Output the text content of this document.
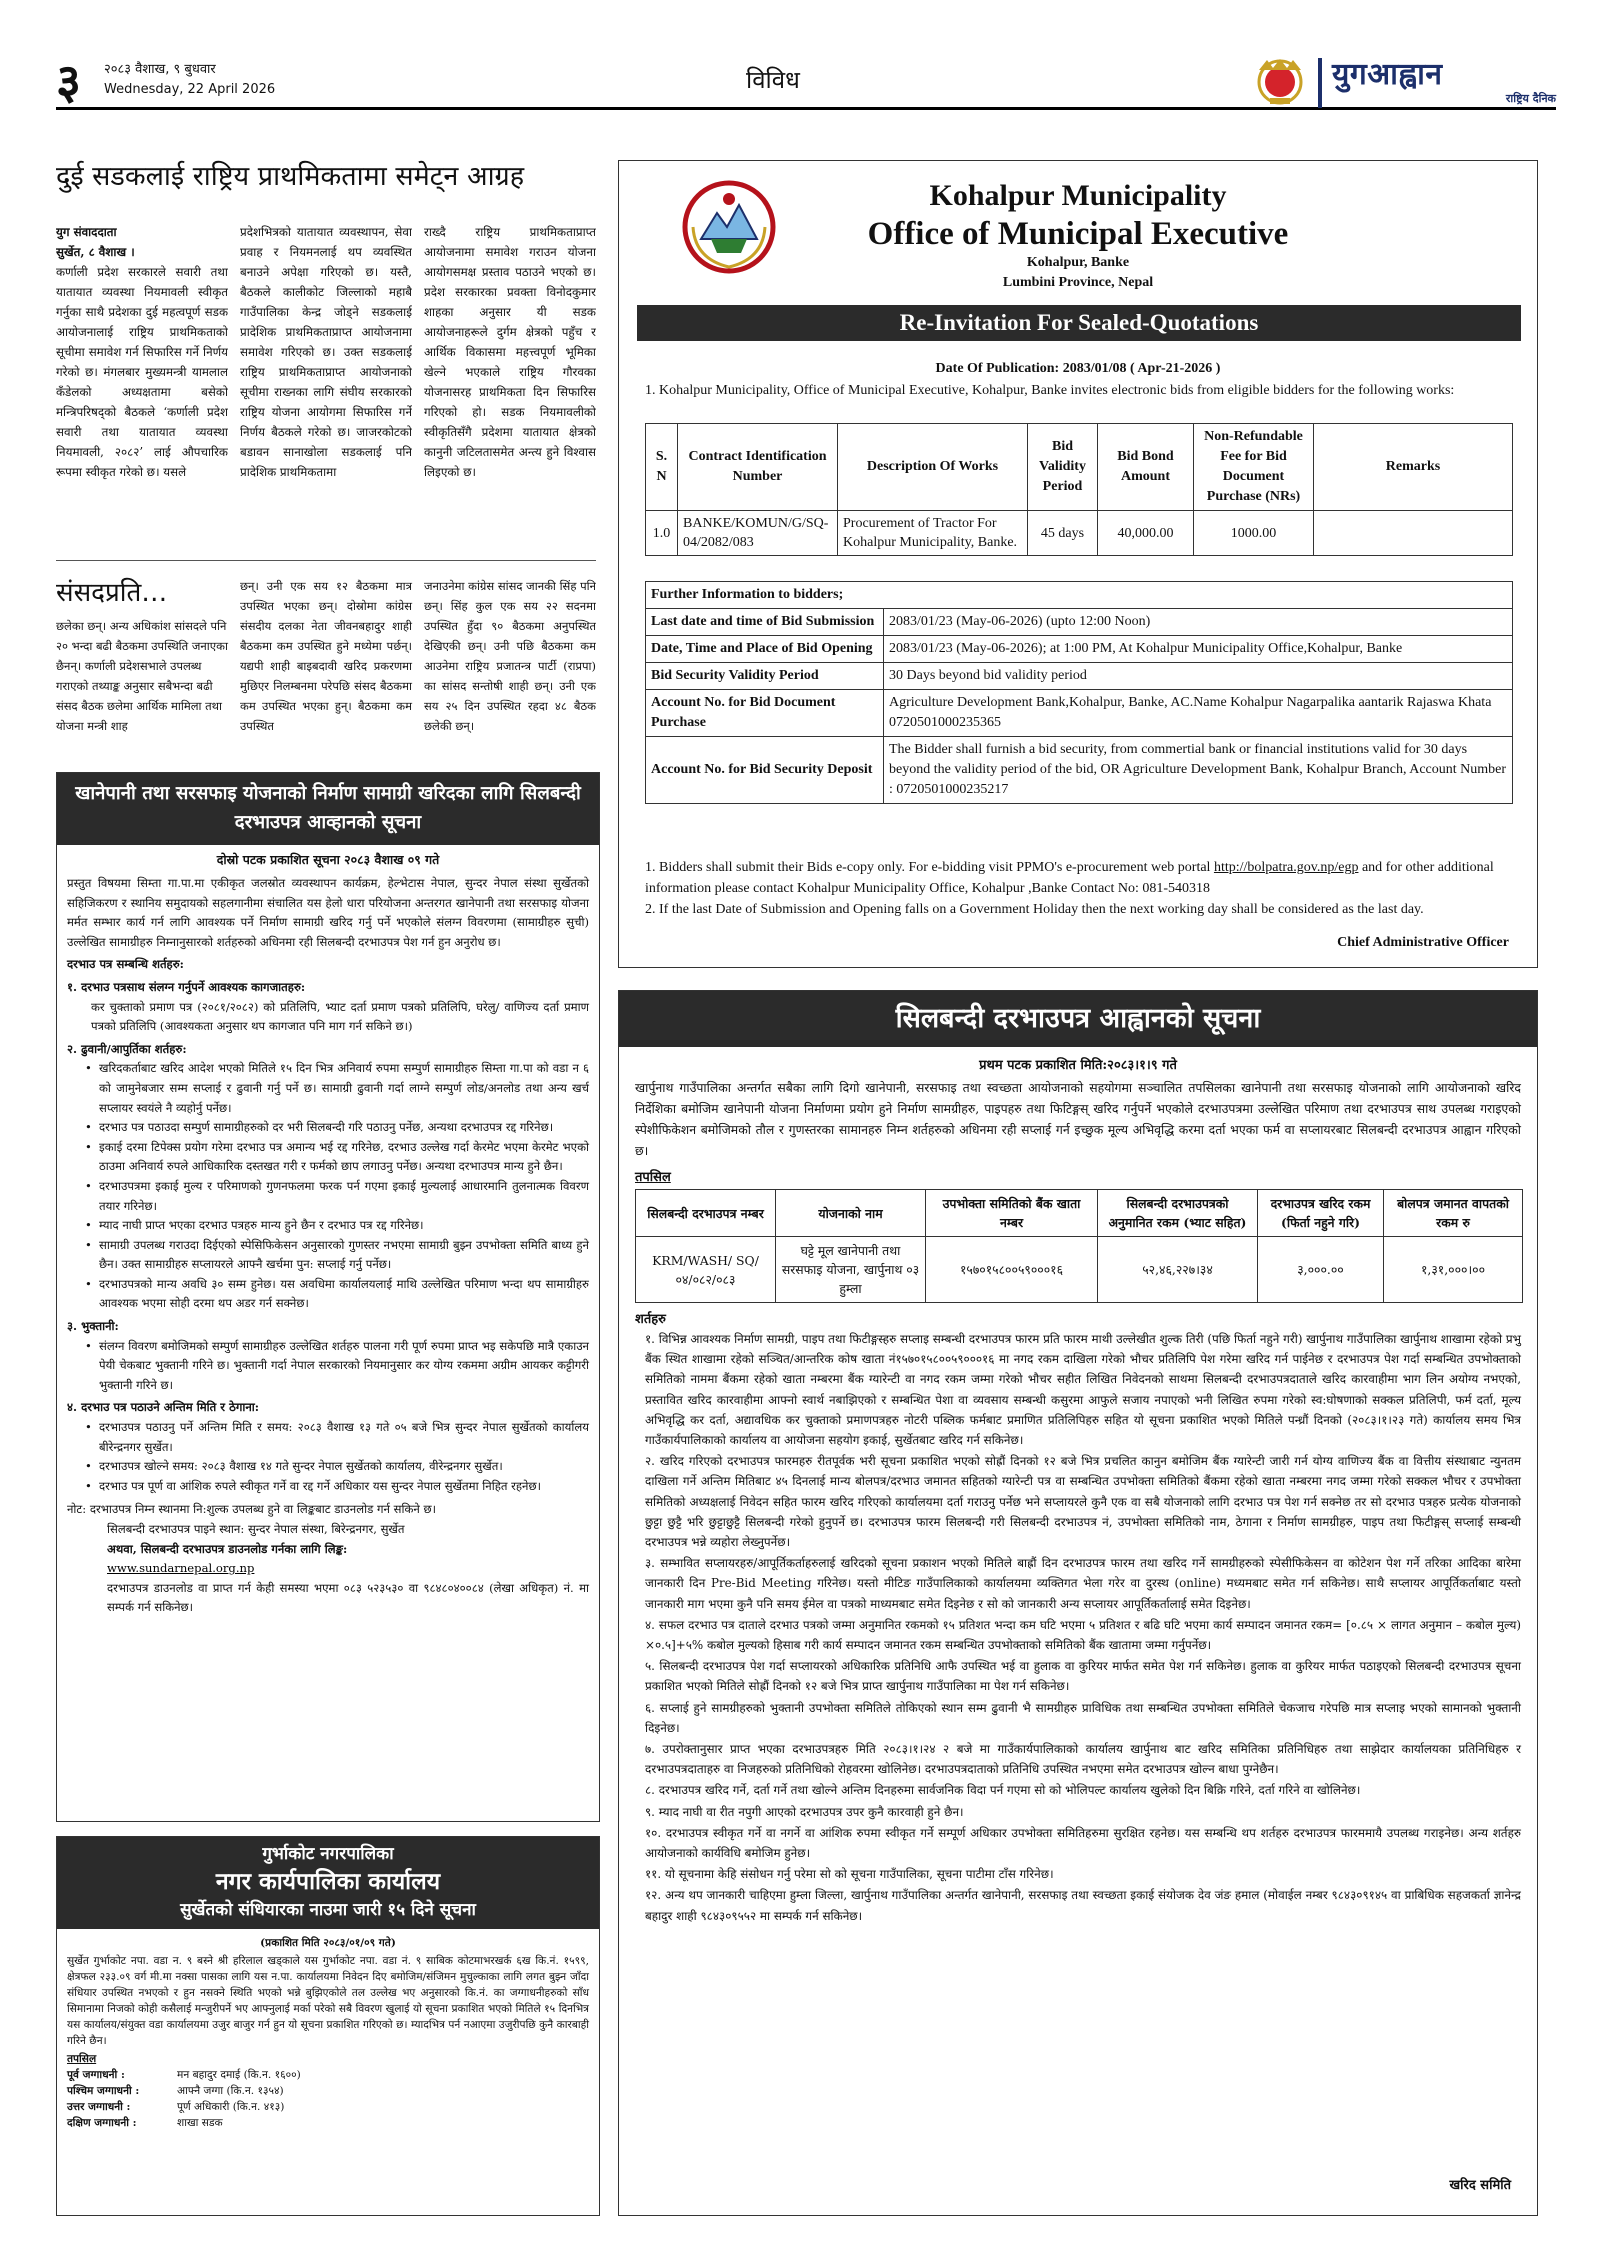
३ २०८३ वैशाख, ९ बुधवार
Wednesday, 22 April 2026	विविध	युगआह्वान
राष्ट्रिय दैनिक
दुई सडकलाई राष्ट्रिय प्राथमिकतामा समेट्न आग्रह
युग संवाददाता
सुर्खेत, ८ वैशाख ।
कर्णाली प्रदेश सरकारले सवारी तथा यातायात व्यवस्था नियमावली स्वीकृत गर्नुका साथै प्रदेशका दुई महत्वपूर्ण सडक आयोजनालाई राष्ट्रिय प्राथमिकताको सूचीमा समावेश गर्न सिफारिस गर्ने निर्णय गरेको छ। मंगलबार मुख्यमन्त्री यामलाल कँडेलको अध्यक्षतामा बसेको मन्त्रिपरिषद्को बैठकले ‘कर्णाली प्रदेश सवारी तथा यातायात व्यवस्था नियमावली, २०८२’ लाई औपचारिक रूपमा स्वीकृत गरेको छ। यसले
प्रदेशभित्रको यातायात व्यवस्थापन, सेवा प्रवाह र नियमनलाई थप व्यवस्थित बनाउने अपेक्षा गरिएको छ। यस्तै, बैठकले कालीकोट जिल्लाको महाबै गाउँपालिका केन्द्र जोड्ने सडकलाई प्रादेशिक प्राथमिकताप्राप्त आयोजनामा समावेश गरिएको छ। उक्त सडकलाई राष्ट्रिय प्राथमिकताप्राप्त आयोजनाको सूचीमा राख्नका लागि संघीय सरकारको राष्ट्रिय योजना आयोगमा सिफारिस गर्ने निर्णय बैठकले गरेको छ। जाजरकोटको बडावन सानाखोला सडकलाई पनि प्रादेशिक प्राथमिकतामा
राख्दै राष्ट्रिय प्राथमिकताप्राप्त आयोजनामा समावेश गराउन योजना आयोगसमक्ष प्रस्ताव पठाउने भएको छ। प्रदेश सरकारका प्रवक्ता विनोदकुमार शाहका अनुसार यी सडक आयोजनाहरूले दुर्गम क्षेत्रको पहुँच र आर्थिक विकासमा महत्त्वपूर्ण भूमिका खेल्ने भएकाले राष्ट्रिय गौरवका योजनासरह प्राथमिकता दिन सिफारिस गरिएको हो। सडक नियमावलीको स्वीकृतिसँगै प्रदेशमा यातायात क्षेत्रको कानुनी जटिलतासमेत अन्त्य हुने विश्वास लिइएको छ।
संसदप्रति…
छलेका छन्। अन्य अधिकांश सांसदले पनि २० भन्दा बढी बैठकमा उपस्थिति जनाएका छैनन्। कर्णाली प्रदेशसभाले उपलब्ध गराएको तथ्याङ्क अनुसार सबैभन्दा बढी संसद बैठक छलेमा आर्थिक मामिला तथा योजना मन्त्री शाह
छन्। उनी एक सय १२ बैठकमा मात्र उपस्थित भएका छन्। दोस्रोमा कांग्रेस संसदीय दलका नेता जीवनबहादुर शाही बैठकमा कम उपस्थित हुने मध्येमा पर्छन्। यद्यपी शाही बाइबदावी खरिद प्रकरणमा मुछिएर निलम्बनमा परेपछि संसद बैठकमा कम उपस्थित भएका हुन्। बैठकमा कम उपस्थित
जनाउनेमा कांग्रेस सांसद जानकी सिंह पनि छन्। सिंह कुल एक सय २२ सदनमा उपस्थित हुँदा ९० बैठकमा अनुपस्थित देखिएकी छन्। उनी पछि बैठकमा कम आउनेमा राष्ट्रिय प्रजातन्त्र पार्टी (राप्रपा) का सांसद सन्तोषी शाही छन्। उनी एक सय २५ दिन उपस्थित रहदा ४८ बैठक छलेकी छन्।
खानेपानी तथा सरसफाइ योजनाको निर्माण सामाग्री खरिदका लागि सिलबन्दी दरभाउपत्र आव्हानको सूचना
दोस्रो पटक प्रकाशित सूचना २०८३ वैशाख ०९ गते

प्रस्तुत विषयमा सिम्ता गा.पा.मा एकीकृत जलस्रोत व्यवस्थापन कार्यक्रम, हेल्भेटास नेपाल, सुन्दर नेपाल संस्था सुर्खेतको सहिजिकरण र स्थानिय समुदायको सहलगानीमा संचालित यस हेलो धारा परियोजना अन्तरगत खानेपानी तथा सरसफाइ योजना मर्मत सम्भार कार्य गर्न लागि आवश्यक पर्ने निर्माण सामाग्री खरिद गर्नु पर्ने भएकोले संलग्न विवरणमा (सामाग्रीहरु सुची) उल्लेखित सामाग्रीहरु निम्नानुसारको शर्तहरुको अधिनमा रही सिलबन्दी दरभाउपत्र पेश गर्न हुन अनुरोध छ।

दरभाउ पत्र सम्बन्धि शर्तहरु:

१. दरभाउ पत्रसाथ संलग्न गर्नुपर्ने आवश्यक कागजातहरु:

कर चुक्ताको प्रमाण पत्र (२०८१/२०८२) को प्रतिलिपि, भ्याट दर्ता प्रमाण पत्रको प्रतिलिपि, घरेलु/ वाणिज्य दर्ता प्रमाण पत्रको प्रतिलिपि (आवश्यकता अनुसार थप कागजात पनि माग गर्न सकिने छ।)

२. ढुवानी/आपुर्तिका शर्तहरु:

• खरिदकर्ताबाट खरिद आदेश भएको मितिले १५ दिन भित्र अनिवार्य रुपमा सम्पुर्ण सामाग्रीहरु सिम्ता गा.पा को वडा न ६ को जामुनेबजार सम्म सप्लाई र ढुवानी गर्नु पर्ने छ। सामाग्री ढुवानी गर्दा लाग्ने सम्पुर्ण लोड/अनलोड तथा अन्य खर्च सप्लायर स्वयंले नै व्यहोर्नु पर्नेछ।
• दरभाउ पत्र पठाउदा सम्पुर्ण सामाग्रीहरुको दर भरी सिलबन्दी गरि पठाउनु पर्नेछ, अन्यथा दरभाउपत्र रद्द गरिनेछ।
• इकाई दरमा टिपेक्स प्रयोग गरेमा दरभाउ पत्र अमान्य भई रद्द गरिनेछ, दरभाउ उल्लेख गर्दा केरमेट भएमा केरमेट भएको ठाउमा अनिवार्य रुपले आधिकारिक दस्तखत गरी र फर्मको छाप लगाउनु पर्नेछ। अन्यथा दरभाउपत्र मान्य हुने छैन।
• दरभाउपत्रमा इकाई मुल्य र परिमाणको गुणनफलमा फरक पर्न गएमा इकाई मुल्यलाई आधारमानि तुलनात्मक विवरण तयार गरिनेछ।
• म्याद नाघी प्राप्त भएका दरभाउ पत्रहरु मान्य हुने छैन र दरभाउ पत्र रद्द गरिनेछ।
• सामाग्री उपलब्ध गराउदा दिईएको स्पेसिफिकेसन अनुसारको गुणस्तर नभएमा सामाग्री बुझ्न उपभोक्ता समिति बाध्य हुने छैन। उक्त सामाग्रीहरु सप्लायरले आफ्नै खर्चमा पुन: सप्लाई गर्नु पर्नेछ।
• दरभाउपत्रको मान्य अवधि ३० सम्म हुनेछ। यस अवधिमा कार्यालयलाई माथि उल्लेखित परिमाण भन्दा थप सामाग्रीहरु आवश्यक भएमा सोही दरमा थप अडर गर्न सक्नेछ।

३. भुक्तानी:

• संलग्न विवरण बमोजिमको सम्पुर्ण सामाग्रीहरु उल्लेखित शर्तहरु पालना गरी पूर्ण रुपमा प्राप्त भइ सकेपछि मात्रै एकाउन पेयी चेकबाट भुक्तानी गरिने छ। भुक्तानी गर्दा नेपाल सरकारको नियमानुसार कर योग्य रकममा अग्रीम आयकर कट्टीगरी भुक्तानी गरिने छ।

४. दरभाउ पत्र पठाउने अन्तिम मिति र ठेगाना:

• दरभाउपत्र पठाउनु पर्ने अन्तिम मिति र समय: २०८३ वैशाख १३ गते ०५ बजे भित्र सुन्दर नेपाल सुर्खेतको कार्यालय बीरेन्द्रनगर सुर्खेत।
• दरभाउपत्र खोल्ने समय: २०८३ वैशाख १४ गते सुन्दर नेपाल सुर्खेतको कार्यालय, वीरेन्द्रनगर सुर्खेत।
• दरभाउ पत्र पूर्ण वा आंशिक रुपले स्वीकृत गर्ने वा रद्द गर्ने अधिकार यस सुन्दर नेपाल सुर्खेतमा निहित रहनेछ।

नोट: दरभाउपत्र निम्न स्थानमा नि:शुल्क उपलब्ध हुने वा लिङ्कबाट डाउनलोड गर्न सकिने छ।

सिलबन्दी दरभाउपत्र पाइने स्थान: सुन्दर नेपाल संस्था, बिरेन्द्रनगर, सुर्खेत

अथवा, सिलबन्दी दरभाउपत्र डाउनलोड गर्नका लागि लिङ्क:

www.sundarnepal.org.np

दरभाउपत्र डाउनलोड वा प्राप्त गर्न केही समस्या भएमा ०८३ ५२३५३० वा ९८४८०४००८४ (लेखा अधिकृत) नं. मा सम्पर्क गर्न सकिनेछ।

गुर्भाकोट नगरपालिका
नगर कार्यपालिका कार्यालय
सुर्खेतको संधियारका नाउमा जारी १५ दिने सूचना
(प्रकाशित मिति २०८३/०१/०९ गते)

सुर्खेत गुर्भाकोट नपा. वडा न. ९ बस्ने श्री हरिलाल खड्काले यस गुर्भाकोट नपा. वडा नं. ९ साबिक कोटमाभरखर्क ६ख कि.नं. १५९९, क्षेत्रफल २३३.०९ वर्ग मी.मा नक्सा पासका लागि यस न.पा. कार्यालयमा निवेदन दिए बमोजिम/संजिमन मुचुल्काका लागि लगत बुझ्न जाँदा संधियार उपस्थित नभएको र हुन नसक्ने स्थिति भएको भन्ने बुझिएकोले तल उल्लेख भए अनुसारको कि.नं. का जग्गाधनीहरुको साँध सिमानामा निजको कोही कसैलाई मन्जुरीपर्ने भए आफ्नुलाई मर्का परेको सबै विवरण खुलाई यो सूचना प्रकाशित भएको मितिले १५ दिनभित्र यस कार्यालय/संयुक्त वडा कार्यालयमा उजुर बाजुर गर्न हुन यो सूचना प्रकाशित गरिएको छ। म्यादभित्र पर्न नआएमा उजुरीपछि कुनै कारबाही गरिने छैन।

तपसिल

पूर्व जग्गाधनी :	मन बहादुर दमाई (कि.न. १६००)
पश्चिम जग्गाधनी :	आफ्नै जग्गा (कि.न. १३५४)
उत्तर जग्गाधनी :	पूर्ण अधिकारी (कि.न. ४१३)
दक्षिण जग्गाधनी :	शाखा सडक
Kohalpur Municipality
Office of Municipal Executive
Kohalpur, Banke
Lumbini Province, Nepal
Re-Invitation For Sealed-Quotations
Date Of Publication: 2083/01/08 ( Apr-21-2026 )
1. Kohalpur Municipality, Office of Municipal Executive, Kohalpur, Banke invites electronic bids from eligible bidders for the following works:
S. N	Contract Identification Number	Description Of Works	Bid Validity Period	Bid Bond Amount	Non-Refundable Fee for Bid Document Purchase (NRs)	Remarks
1.0	BANKE/KOMUN/G/SQ-04/2082/083	Procurement of Tractor For Kohalpur Municipality, Banke.	45 days	40,000.00	1000.00	
Further Information to bidders;	
Last date and time of Bid Submission	2083/01/23 (May-06-2026) (upto 12:00 Noon)
Date, Time and Place of Bid Opening	2083/01/23 (May-06-2026); at 1:00 PM, At Kohalpur Municipality Office,Kohalpur, Banke
Bid Security Validity Period	30 Days beyond bid validity period
Account No. for Bid Document Purchase	Agriculture Development Bank,Kohalpur, Banke, AC.Name Kohalpur Nagarpalika aantarik Rajaswa Khata 0720501000235365
Account No. for Bid Security Deposit	The Bidder shall furnish a bid security, from commertial bank or financial institutions valid for 30 days beyond the validity period of the bid, OR Agriculture Development Bank, Kohalpur Branch, Account Number : 0720501000235217

1. Bidders shall submit their Bids e-copy only. For e-bidding visit PPMO's e-procurement web portal http://bolpatra.gov.np/egp and for other additional information please contact Kohalpur Municipality Office, Kohalpur ,Banke Contact No: 081-540318

2. If the last Date of Submission and Opening falls on a Government Holiday then the next working day shall be considered as the last day.

Chief Administrative Officer
सिलबन्दी दरभाउपत्र आह्वानको सूचना
प्रथम पटक प्रकाशित मिति:२०८३।१।९ गते
खार्पुनाथ गाउँपालिका अन्तर्गत सबैका लागि दिगो खानेपानी, सरसफाइ तथा स्वच्छता आयोजनाको सहयोगमा सञ्चालित तपसिलका खानेपानी तथा सरसफाइ योजनाको लागि आयोजनाको खरिद निर्देशिका बमोजिम खानेपानी योजना निर्माणमा प्रयोग हुने निर्माण सामग्रीहरु, पाइपहरु तथा फिटिङ्गस् खरिद गर्नुपर्ने भएकोले दरभाउपत्रमा उल्लेखित परिमाण तथा दरभाउपत्र साथ उपलब्ध गराइएको स्पेशीफिकेशन बमोजिमको तौल र गुणस्तरका सामानहरु निम्न शर्तहरुको अधिनमा रही सप्लाई गर्न इच्छुक मूल्य अभिवृद्धि करमा दर्ता भएका फर्म वा सप्लायरबाट सिलबन्दी दरभाउपत्र आह्वान गरिएको छ।
तपसिल
सिलबन्दी दरभाउपत्र नम्बर	योजनाको नाम	उपभोक्ता समितिको बैंक खाता नम्बर	सिलबन्दी दरभाउपत्रको अनुमानित रकम (भ्याट सहित)	दरभाउपत्र खरिद रकम (फिर्ता नहुने गरि)	बोलपत्र जमानत वापतको रकम रु
KRM/WASH/ SQ/०४/०८२/०८३	घट्टे मूल खानेपानी तथा सरसफाइ योजना, खार्पुनाथ ०३ हुम्ला	१५७०१५८००५९०००१६	५२,४६,२२७।३४	३,०००.००	१,३१,०००।००
शर्तहरु

१. विभिन्न आवश्यक निर्माण सामग्री, पाइप तथा फिटीङ्गस्हरु सप्लाइ सम्बन्धी दरभाउपत्र फारम प्रति फारम माथी उल्लेखीत शुल्क तिरी (पछि फिर्ता नहुने गरी) खार्पुनाथ गाउँपालिका खार्पुनाथ शाखामा रहेको प्रभु बैंक स्थित शाखामा रहेको सञ्चित/आन्तरिक कोष खाता नं१५७०१५८००५९०००१६ मा नगद रकम दाखिला गरेको भौचर प्रतिलिपि पेश गरेमा खरिद गर्न पाईनेछ र दरभाउपत्र पेश गर्दा सम्बन्धित उपभोक्ताको समितिको नाममा बैंकमा रहेको खाता नम्बरमा बैंक ग्यारेन्टी वा नगद रकम जम्मा गरेको भौचर सहीत लिखित निवेदनको साथमा सिलबन्दी दरभाउपत्रदाताले खरिद कारवाहीमा भाग लिन अयोग्य नभएको, प्रस्तावित खरिद कारवाहीमा आफ्नो स्वार्थ नबाझिएको र सम्बन्धित पेशा वा व्यवसाय सम्बन्धी कसुरमा आफुले सजाय नपाएको भनी लिखित रुपमा गरेको स्व:घोषणाको सक्कल प्रतिलिपी, फर्म दर्ता, मूल्य अभिवृद्धि कर दर्ता, अद्यावधिक कर चुक्ताको प्रमाणपत्रहरु नोटरी पब्लिक फर्मबाट प्रमाणित प्रतिलिपिहरु सहित यो सूचना प्रकाशित भएको मितिले पन्ध्रौं दिनको (२०८३।१।२३ गते) कार्यालय समय भित्र गाउँकार्यपालिकाको कार्यालय वा आयोजना सहयोग इकाई, सुर्खेतबाट खरिद गर्न सकिनेछ।

२. खरिद गरिएको दरभाउपत्र फारमहरु रीतपूर्वक भरी सूचना प्रकाशित भएको सोह्रौं दिनको १२ बजे भित्र प्रचलित कानुन बमोजिम बैंक ग्यारेन्टी जारी गर्न योग्य वाणिज्य बैंक वा वित्तीय संस्थाबाट न्युनतम दाखिला गर्ने अन्तिम मितिबाट ४५ दिनलाई मान्य बोलपत्र/दरभाउ जमानत सहितको ग्यारेन्टी पत्र वा सम्बन्धित उपभोक्ता समितिको बैंकमा रहेको खाता नम्बरमा नगद जम्मा गरेको सक्कल भौचर र उपभोक्ता समितिको अध्यक्षलाई निवेदन सहित फारम खरिद गरिएको कार्यालयमा दर्ता गराउनु पर्नेछ भने सप्लायरले कुनै एक वा सबै योजनाको लागि दरभाउ पत्र पेश गर्न सक्नेछ तर सो दरभाउ पत्रहरु प्रत्येक योजनाको छुट्टा छुट्टै भरि छुट्टाछुट्टै सिलबन्दी गरेको हुनुपर्ने छ। दरभाउपत्र फारम सिलबन्दी गरी सिलबन्दी दरभाउपत्र नं, उपभोक्ता समितिको नाम, ठेगाना र निर्माण सामग्रीहरु, पाइप तथा फिटीङ्गस् सप्लाई सम्बन्धी दरभाउपत्र भन्ने व्यहोरा लेख्नुपर्नेछ।

३. सम्भावित सप्लायरहरु/आपूर्तिकर्ताहरुलाई खरिदको सूचना प्रकाशन भएको मितिले बाह्रौं दिन दरभाउपत्र फारम तथा खरिद गर्ने सामग्रीहरुको स्पेसीफिकेसन वा कोटेशन पेश गर्ने तरिका आदिका बारेमा जानकारी दिन Pre-Bid Meeting गरिनेछ। यस्तो मीटिङ गाउँपालिकाको कार्यालयमा व्यक्तिगत भेला गरेर वा दुरस्थ (online) मध्यमबाट समेत गर्न सकिनेछ। साथै सप्लायर आपूर्तिकर्ताबाट यस्तो जानकारी माग भएमा कुनै पनि समय ईमेल वा पत्रको माध्यमबाट समेत दिइनेछ र सो को जानकारी अन्य सप्लायर आपूर्तिकर्तालाई समेत दिइनेछ।

४. सफल दरभाउ पत्र दाताले दरभाउ पत्रको जम्मा अनुमानित रकमको १५ प्रतिशत भन्दा कम घटि भएमा ५ प्रतिशत र बढि घटि भएमा कार्य सम्पादन जमानत रकम= [०.८५ × लागत अनुमान – कबोल मुल्य) ×०.५]+५% कबोल मुल्यको हिसाब गरी कार्य सम्पादन जमानत रकम सम्बन्धित उपभोक्ताको समितिको बैंक खातामा जम्मा गर्नुपर्नेछ।

५. सिलबन्दी दरभाउपत्र पेश गर्दा सप्लायरको अधिकारिक प्रतिनिधि आफै उपस्थित भई वा हुलाक वा कुरियर मार्फत समेत पेश गर्न सकिनेछ। हुलाक वा कुरियर मार्फत पठाइएको सिलबन्दी दरभाउपत्र सूचना प्रकाशित भएको मितिले सोह्रौं दिनको १२ बजे भित्र प्राप्त खार्पुनाथ गाउँपालिका मा पेश गर्न सकिनेछ।

६. सप्लाई हुने सामग्रीहरुको भुक्तानी उपभोक्ता समितिले तोकिएको स्थान सम्म ढुवानी भै सामग्रीहरु प्राविधिक तथा सम्बन्धित उपभोक्ता समितिले चेकजाच गरेपछि मात्र सप्लाइ भएको सामानको भुक्तानी दिइनेछ।

७. उपरोक्तानुसार प्राप्त भएका दरभाउपत्रहरु मिति २०८३।१।२४ २ बजे मा गाउँकार्यपालिकाको कार्यालय खार्पुनाथ बाट खरिद समितिका प्रतिनिधिहरु तथा साझेदार कार्यालयका प्रतिनिधिहरु र दरभाउपत्रदाताहरु वा निजहरुको प्रतिनिधिको रोहवरमा खोलिनेछ। दरभाउपत्रदाताको प्रतिनिधि उपस्थित नभएमा समेत दरभाउपत्र खोल्न बाधा पुग्नेछैन।

८. दरभाउपत्र खरिद गर्ने, दर्ता गर्ने तथा खोल्ने अन्तिम दिनहरुमा सार्वजनिक विदा पर्न गएमा सो को भोलिपल्ट कार्यालय खुलेको दिन बिक्रि गरिने, दर्ता गरिने वा खोलिनेछ।

९. म्याद नाघी वा रीत नपुगी आएको दरभाउपत्र उपर कुनै कारवाही हुने छैन।

१०. दरभाउपत्र स्वीकृत गर्ने वा नगर्ने वा आंशिक रुपमा स्वीकृत गर्ने सम्पूर्ण अधिकार उपभोक्ता समितिहरुमा सुरक्षित रहनेछ। यस सम्बन्धि थप शर्तहरु दरभाउपत्र फारममायै उपलब्ध गराइनेछ। अन्य शर्तहरु आयोजनाको कार्यविधि बमोजिम हुनेछ।

११. यो सूचनामा केहि संसोधन गर्नु परेमा सो को सूचना गाउँपालिका, सूचना पाटीमा टाँस गरिनेछ।

१२. अन्य थप जानकारी चाहिएमा हुम्ला जिल्ला, खार्पुनाथ गाउँपालिका अन्तर्गत खानेपानी, सरसफाइ तथा स्वच्छता इकाई संयोजक देव जंङ हमाल (मोवाईल नम्बर ९८४३०९१४५ वा प्राबिधिक सहजकर्ता ज्ञानेन्द्र बहादुर शाही ९८४३०९५५२ मा सम्पर्क गर्न सकिनेछ।

खरिद समिति
